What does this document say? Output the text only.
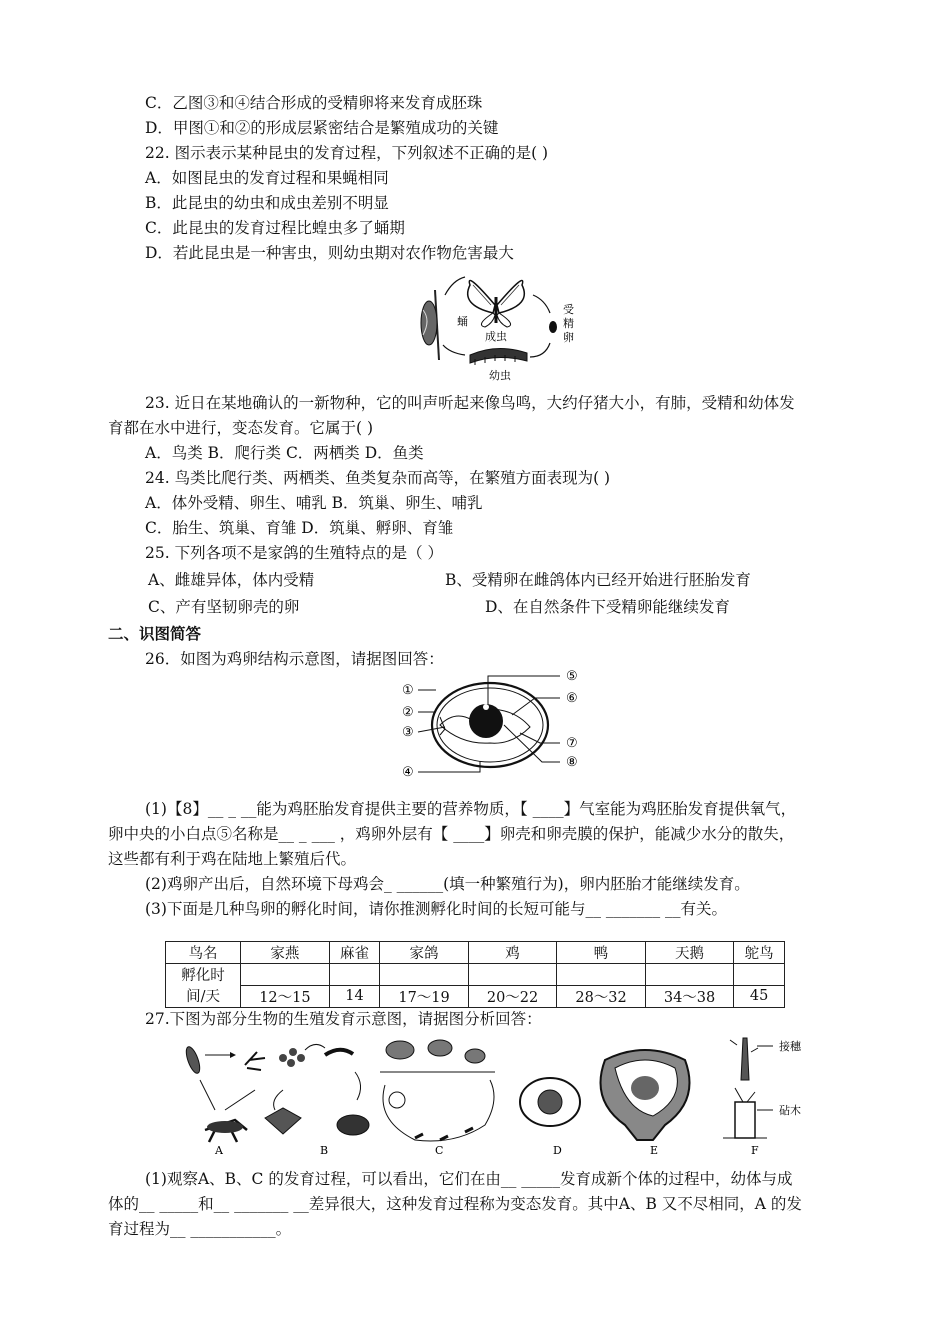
C．乙图③和④结合形成的受精卵将来发育成胚珠
D．甲图①和②的形成层紧密结合是繁殖成功的关键
22. 图示表示某种昆虫的发育过程，下列叙述不正确的是( )
A．如图昆虫的发育过程和果蝇相同
B．此昆虫的幼虫和成虫差别不明显
C．此昆虫的发育过程比蝗虫多了蛹期
D．若此昆虫是一种害虫，则幼虫期对农作物危害最大
蛹
成虫
受
精
卵
幼虫
23. 近日在某地确认的一新物种，它的叫声听起来像鸟鸣，大约仔猪大小，有肺，受精和幼体发
育都在水中进行，变态发育。它属于( )
A．鸟类 B．爬行类 C．两栖类 D．鱼类
24. 鸟类比爬行类、两栖类、鱼类复杂而高等，在繁殖方面表现为( )
A．体外受精、卵生、哺乳 B．筑巢、卵生、哺乳
C．胎生、筑巢、育雏 D．筑巢、孵卵、育雏
25. 下列各项不是家鸽的生殖特点的是（ ）
A、雌雄异体，体内受精	B、受精卵在雌鸽体内已经开始进行胚胎发育
C、产有坚韧卵壳的卵	D、在自然条件下受精卵能继续发育
二、识图简答
26．如图为鸡卵结构示意图，请据图回答：
①
②
③
④
⑤
⑥
⑦
⑧
(1)【8】__ _ __能为鸡胚胎发育提供主要的营养物质，【 ____】气室能为鸡胚胎发育提供氧气，
卵中央的小白点⑤名称是__ _ ___ ，鸡卵外层有【 ____】卵壳和卵壳膜的保护，能减少水分的散失，
这些都有利于鸡在陆地上繁殖后代。
(2)鸡卵产出后，自然环境下母鸡会_ ______(填一种繁殖行为)，卵内胚胎才能继续发育。
(3)下面是几种鸟卵的孵化时间，请你推测孵化时间的长短可能与__ _______ __有关。
鸟名	家燕	麻雀	家鸽	鸡	鸭	天鹅	鸵鸟
孵化时							
间/天	12～15	14	17～19	20～22	28～32	34～38	45
27.下图为部分生物的生殖发育示意图，请据图分析回答：
A	B	C	D	E
接穗
砧木
F
(1)观察A、B、C 的发育过程，可以看出，它们在由__ _____发育成新个体的过程中，幼体与成
体的__ _____和__ _______ __差异很大，这种发育过程称为变态发育。其中A、B 又不尽相同，A 的发
育过程为__ ___________。
